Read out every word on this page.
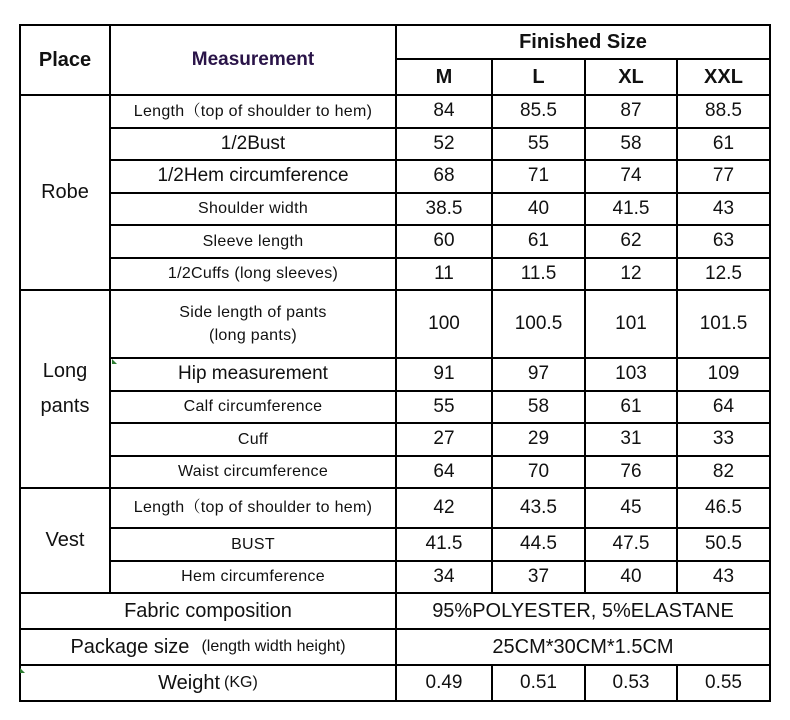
Place	Measurement
Finished Size
M	L	XL	XXL
Robe
Length（top of shoulder to hem)	84	85.5	87	88.5
1/2Bust	52	55	58	61
1/2Hem circumference	68	71	74	77
Shoulder width	38.5	40	41.5	43
Sleeve length	60	61	62	63
1/2Cuffs (long sleeves)	11	11.5	12	12.5
Long
pants
Side length of pants
(long pants)
100	100.5	101	101.5
Hip measurement	91	97	103	109
Calf circumference	55	58	61	64
Cuff	27	29	31	33
Waist circumference	64	70	76	82
Vest
Length（top of shoulder to hem)	42	43.5	45	46.5
BUST	41.5	44.5	47.5	50.5
Hem circumference	34	37	40	43
Fabric composition	95%POLYESTER, 5%ELASTANE
Package size (length width height)	25CM*30CM*1.5CM
Weight (KG)	0.49	0.51	0.53	0.55
